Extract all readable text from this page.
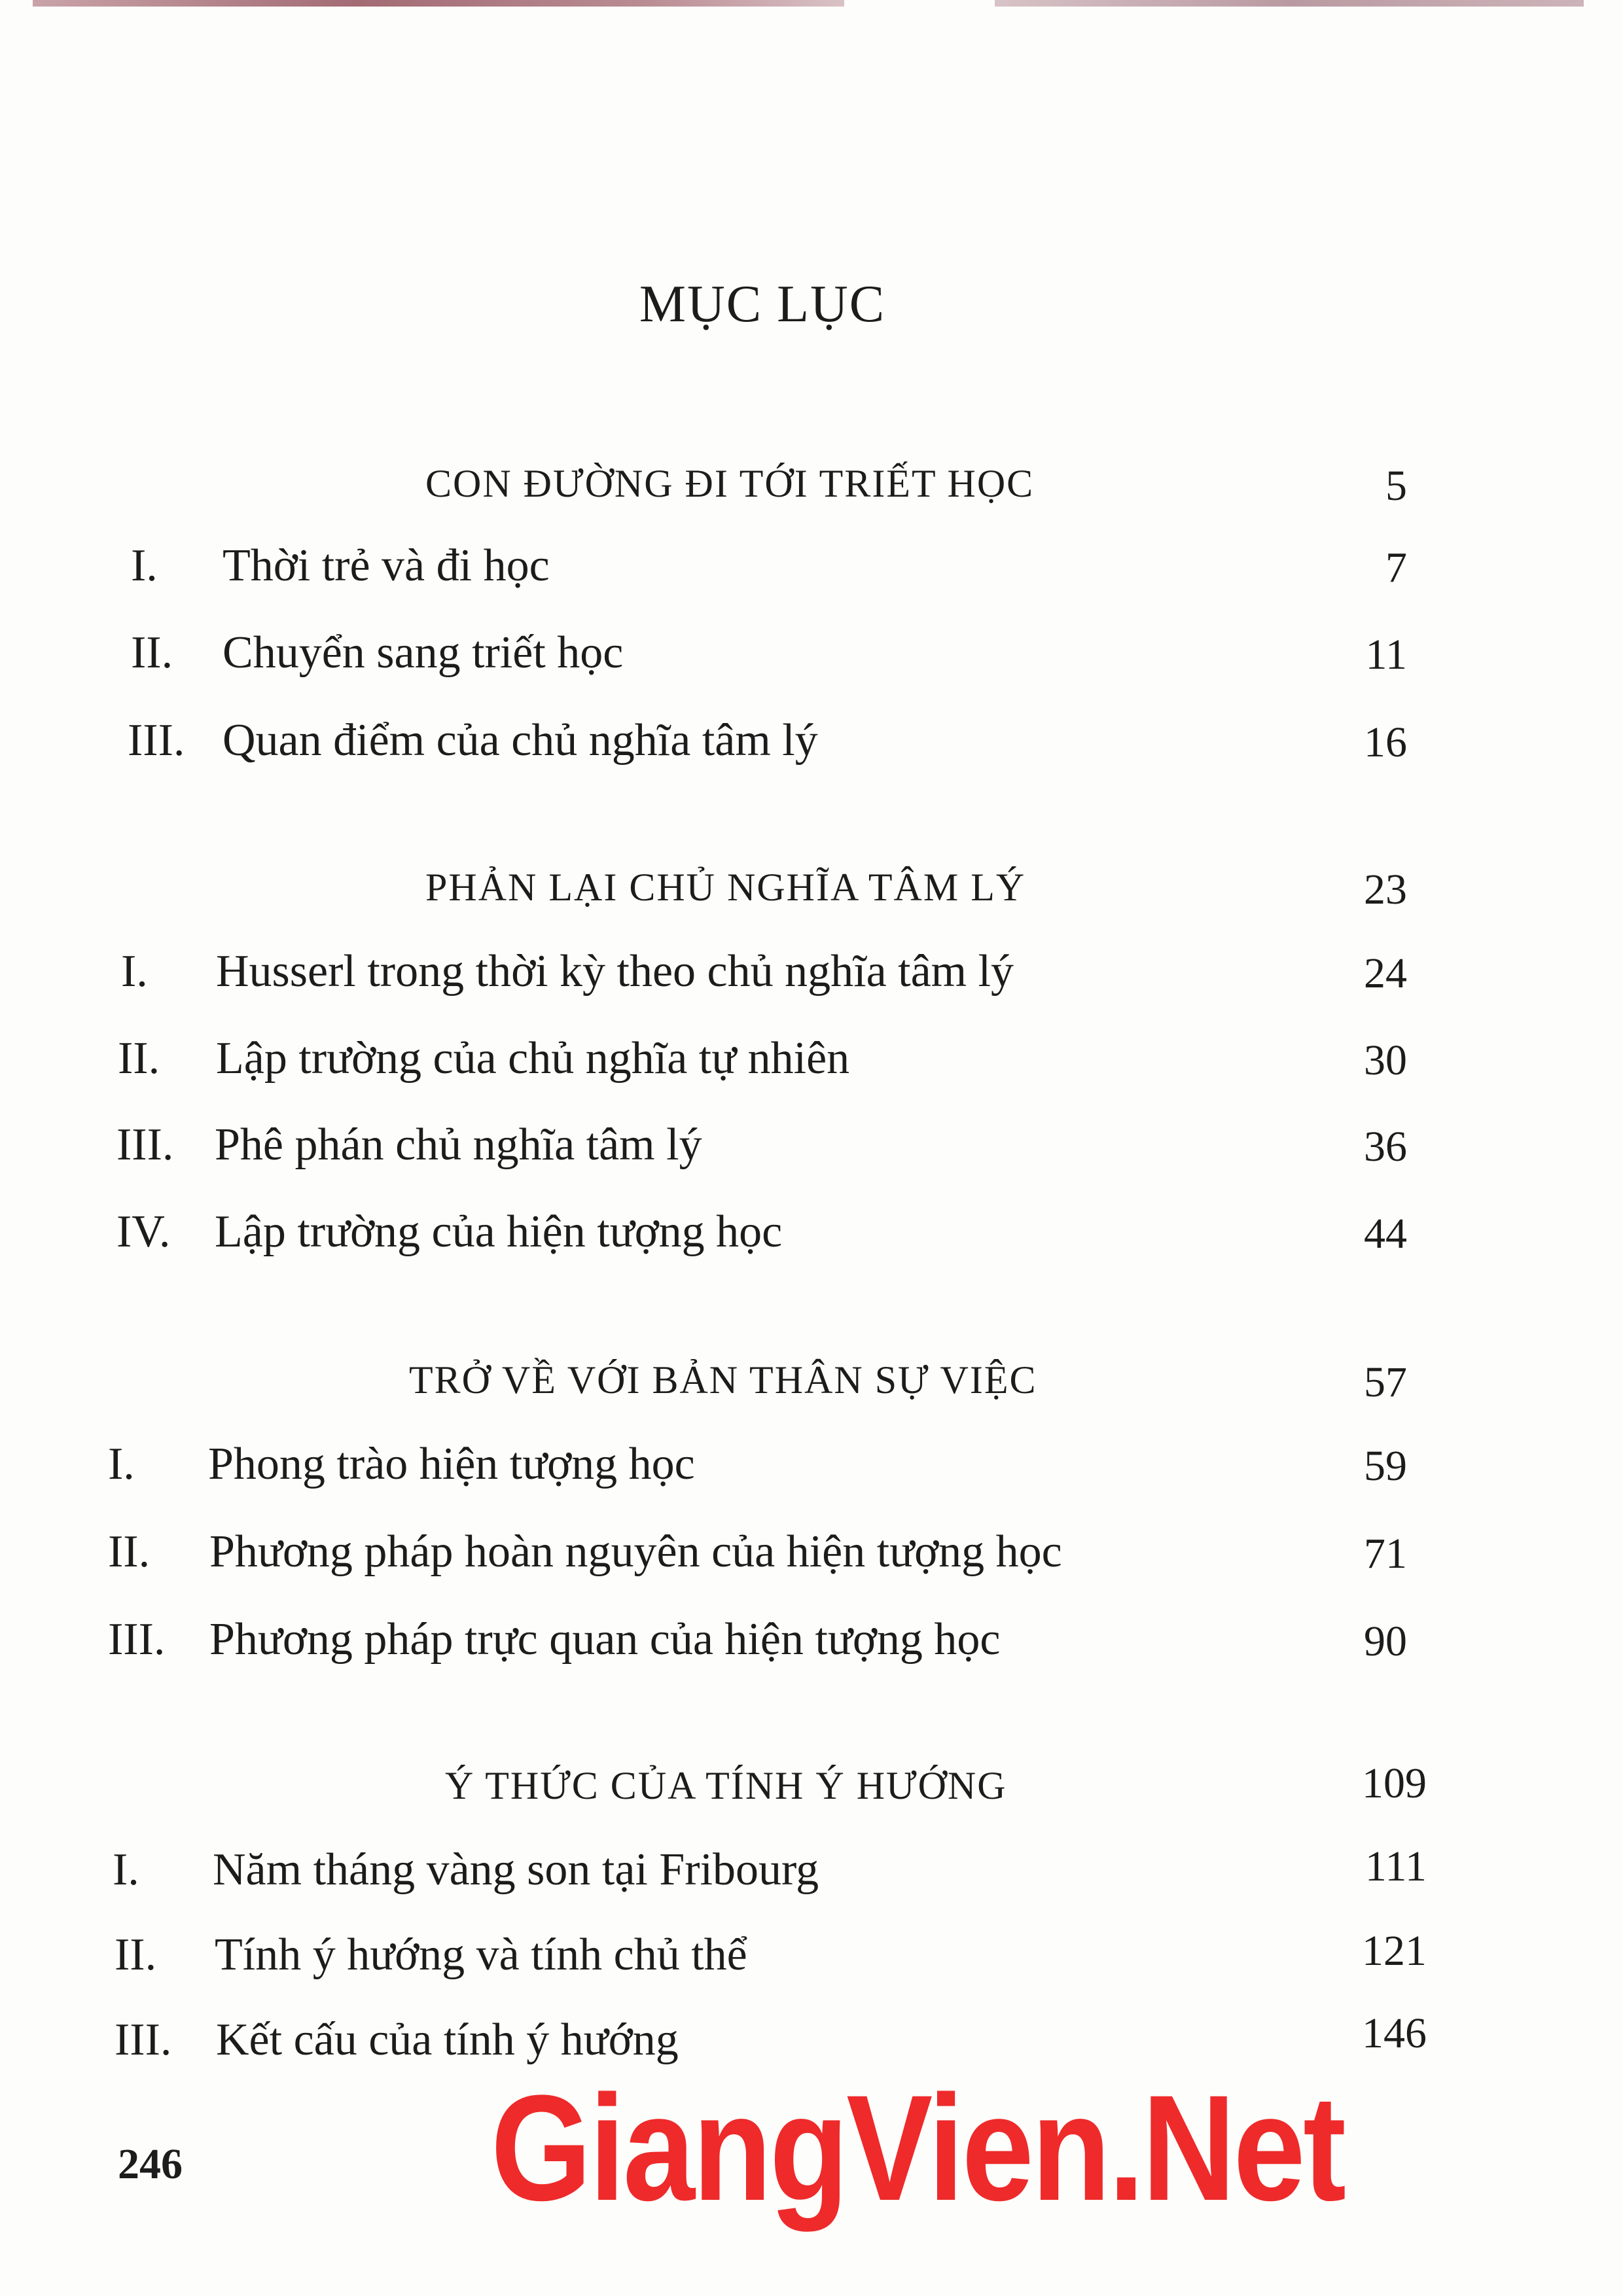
MỤC LỤC
CON ĐƯỜNG ĐI TỚI TRIẾT HỌC	5
I. Thời trẻ và đi học	7
II. Chuyển sang triết học	11
III. Quan điểm của chủ nghĩa tâm lý	16
PHẢN LẠI CHỦ NGHĨA TÂM LÝ	23
I. Husserl trong thời kỳ theo chủ nghĩa tâm lý	24
II. Lập trường của chủ nghĩa tự nhiên	30
III. Phê phán chủ nghĩa tâm lý	36
IV. Lập trường của hiện tượng học	44
TRỞ VỀ VỚI BẢN THÂN SỰ VIỆC	57
I. Phong trào hiện tượng học	59
II. Phương pháp hoàn nguyên của hiện tượng học	71
III. Phương pháp trực quan của hiện tượng học	90
Ý THỨC CỦA TÍNH Ý HƯỚNG	109
I. Năm tháng vàng son tại Fribourg	111
II. Tính ý hướng và tính chủ thể	121
III. Kết cấu của tính ý hướng	146
246 GiangVien.Net
